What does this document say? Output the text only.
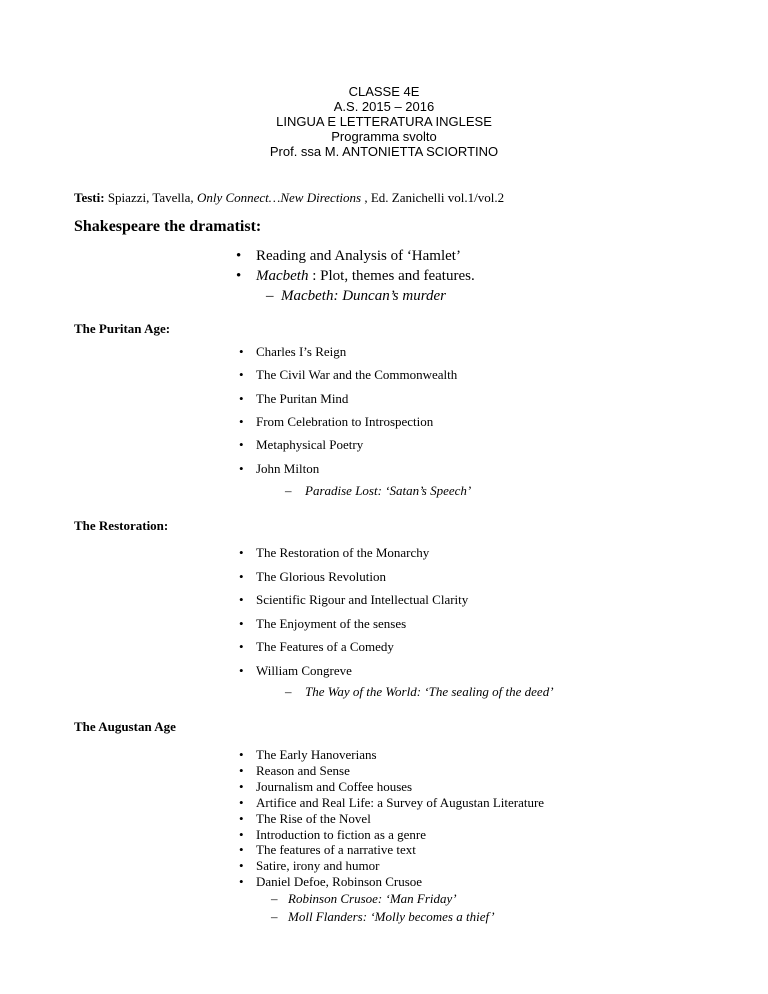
CLASSE 4E
A.S. 2015 – 2016
LINGUA E LETTERATURA INGLESE
Programma svolto
Prof. ssa M. ANTONIETTA SCIORTINO
Testi: Spiazzi, Tavella, Only Connect…New Directions , Ed. Zanichelli vol.1/vol.2
Shakespeare the dramatist:
• Reading and Analysis of ‘Hamlet’
• Macbeth : Plot, themes and features.
– Macbeth: Duncan’s murder
The Puritan Age:
• Charles I’s Reign
• The Civil War and the Commonwealth
• The Puritan Mind
• From Celebration to Introspection
• Metaphysical Poetry
• John Milton
– Paradise Lost: ‘Satan’s Speech’
The Restoration:
• The Restoration of the Monarchy
• The Glorious Revolution
• Scientific Rigour and Intellectual Clarity
• The Enjoyment of the senses
• The Features of a Comedy
• William Congreve
– The Way of the World: ‘The sealing of the deed’
The Augustan Age
• The Early Hanoverians
• Reason and Sense
• Journalism and Coffee houses
• Artifice and Real Life: a Survey of Augustan Literature
• The Rise of the Novel
• Introduction to fiction as a genre
• The features of a narrative text
• Satire, irony and humor
• Daniel Defoe, Robinson Crusoe
– Robinson Crusoe: ‘Man Friday’
– Moll Flanders: ‘Molly becomes a thief’
